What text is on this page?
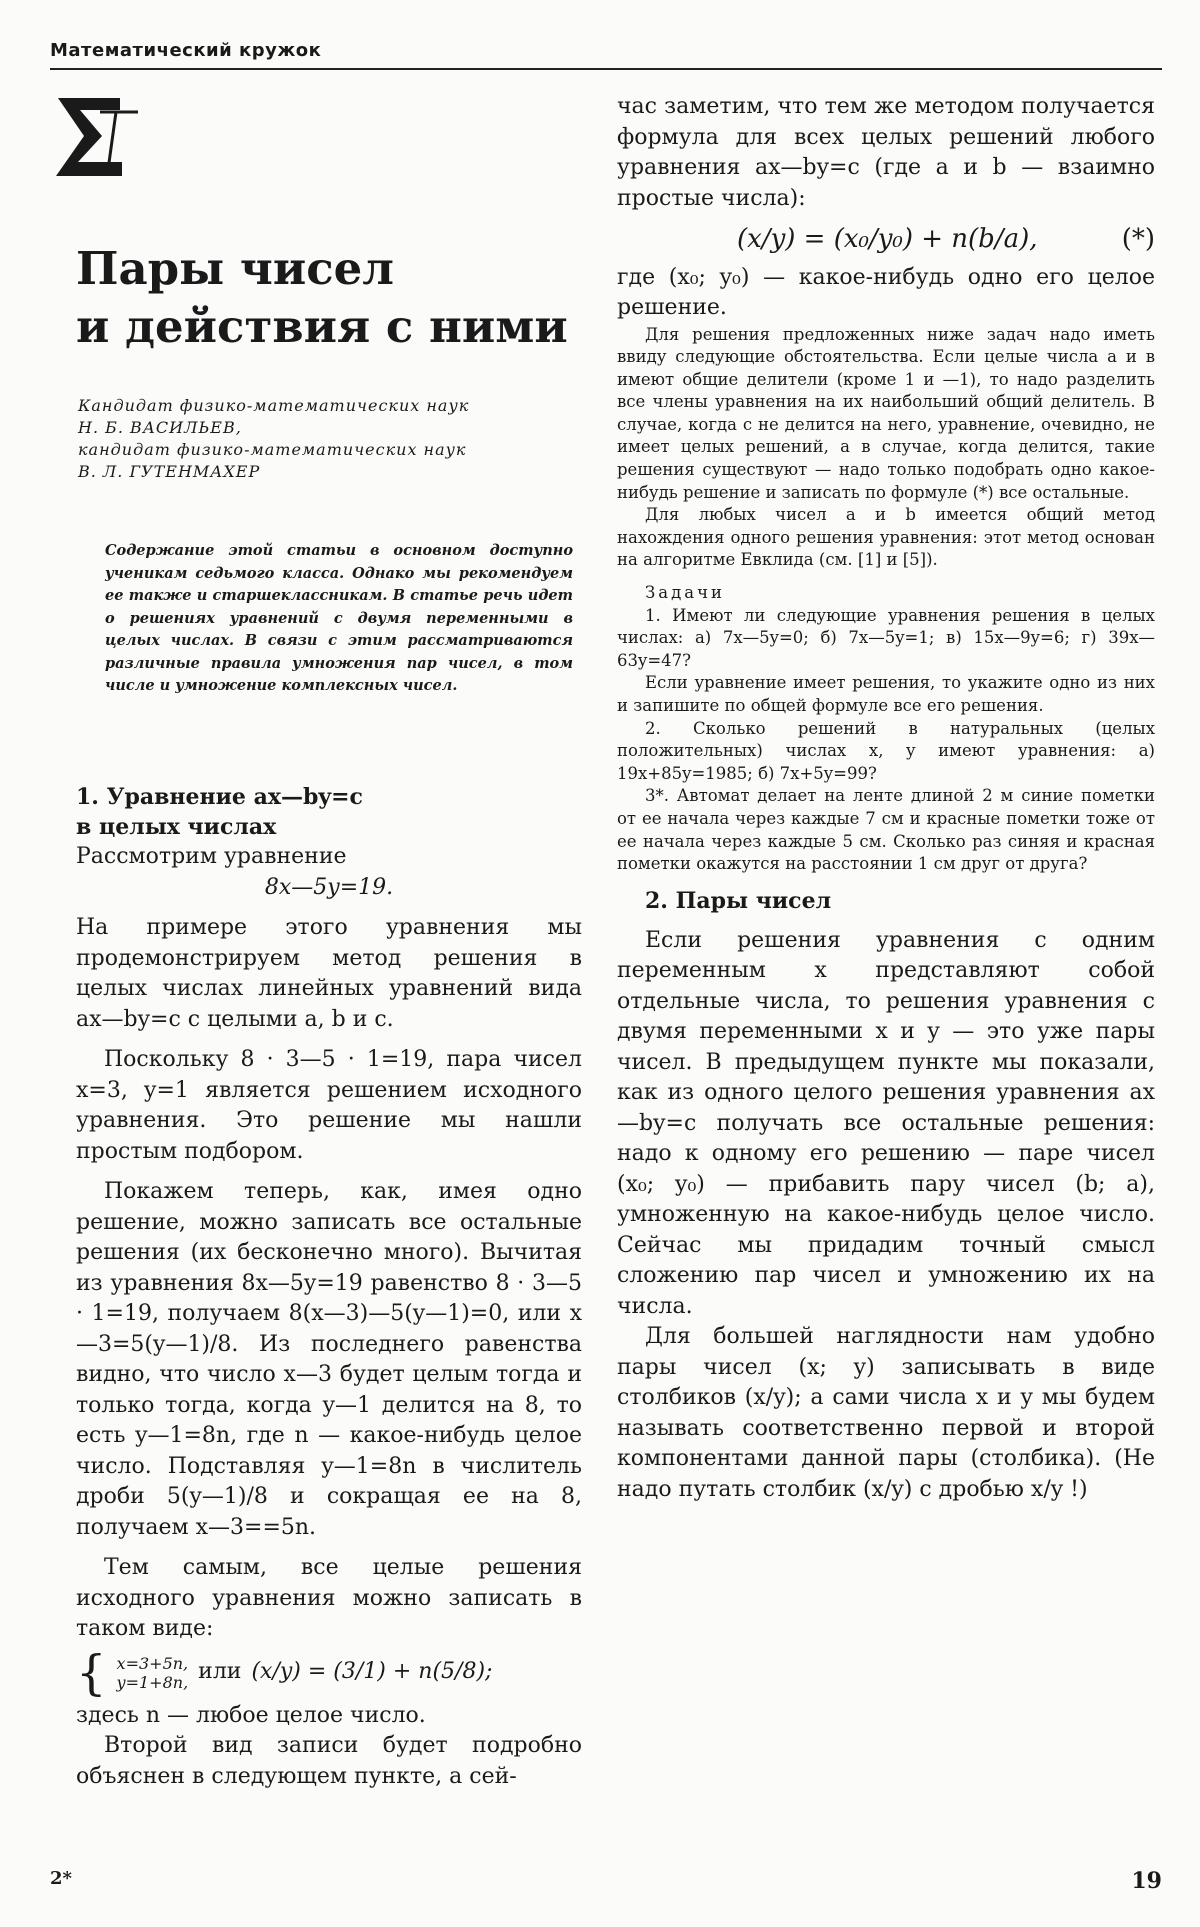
Математический кружок
Пары чисел
и действия с ними
Кандидат физико-математических наук
Н. Б. ВАСИЛЬЕВ,
кандидат физико-математических наук
В. Л. ГУТЕНМАХЕР
Содержание этой статьи в основном доступно ученикам седьмого класса. Однако мы рекомендуем ее также и старшеклассникам. В статье речь идет о решениях уравнений с двумя переменными в целых числах. В связи с этим рассматриваются различные правила умножения пар чисел, в том числе и умножение комплексных чисел.

1. Уравнение ax—by=c

в целых числах

Рассмотрим уравнение

8x—5y=19.

На примере этого уравнения мы продемонстрируем метод решения в целых числах линейных уравнений вида ax—by=c с целыми a, b и c.

Поскольку 8 · 3—5 · 1=19, пара чисел x=3, y=1 является решением исходного уравнения. Это решение мы нашли простым подбором.

Покажем теперь, как, имея одно решение, можно записать все остальные решения (их бесконечно много). Вычитая из уравнения 8x—5y=19 равенство 8 · 3—5 · 1=19, получаем 8(x—3)—5(y—1)=0, или x—3=5(y—1)/8. Из последнего равенства видно, что число x—3 будет целым тогда и только тогда, когда y—1 делится на 8, то есть y—1=8n, где n — какое-нибудь целое число. Подставляя y—1=8n в числитель дроби 5(y—1)/8 и сокращая ее на 8, получаем x—3==5n.

Тем самым, все целые решения исходного уравнения можно записать в таком виде:

{ x=3+5n,
y=1+8n, или (x/y) = (3/1) + n(5/8);

здесь n — любое целое число.

Второй вид записи будет подробно объяснен в следующем пункте, а сей-

час заметим, что тем же методом получается формула для всех целых решений любого уравнения ax—by=c (где a и b — взаимно простые числа):

(x/y) = (x₀/y₀) + n(b/a),	(*)

где (x₀; y₀) — какое-нибудь одно его целое решение.

Для решения предложенных ниже задач надо иметь ввиду следующие обстоятельства. Если целые числа a и в имеют общие делители (кроме 1 и —1), то надо разделить все члены уравнения на их наибольший общий делитель. В случае, когда c не делится на него, уравнение, очевидно, не имеет целых решений, а в случае, когда делится, такие решения существуют — надо только подобрать одно какое-нибудь решение и записать по формуле (*) все остальные.

Для любых чисел a и b имеется общий метод нахождения одного решения уравнения: этот метод основан на алгоритме Евклида (см. [1] и [5]).

Задачи

1. Имеют ли следующие уравнения решения в целых числах: а) 7x—5y=0; б) 7x—5y=1; в) 15x—9y=6; г) 39x—63y=47?

Если уравнение имеет решения, то укажите одно из них и запишите по общей формуле все его решения.

2. Сколько решений в натуральных (целых положительных) числах x, y имеют уравнения: а) 19x+85y=1985; б) 7x+5y=99?

3*. Автомат делает на ленте длиной 2 м синие пометки от ее начала через каждые 7 см и красные пометки тоже от ее начала через каждые 5 см. Сколько раз синяя и красная пометки окажутся на расстоянии 1 см друг от друга?

2. Пары чисел

Если решения уравнения с одним переменным x представляют собой отдельные числа, то решения уравнения с двумя переменными x и y — это уже пары чисел. В предыдущем пункте мы показали, как из одного целого решения уравнения ax—by=c получать все остальные решения: надо к одному его решению — паре чисел (x₀; y₀) — прибавить пару чисел (b; a), умноженную на какое-нибудь целое число. Сейчас мы придадим точный смысл сложению пар чисел и умножению их на числа.

Для большей наглядности нам удобно пары чисел (x; y) записывать в виде столбиков (x/y); а сами числа x и y мы будем называть соответственно первой и второй компонентами данной пары (столбика). (Не надо путать столбик (x/y) с дробью x/y !)

2*	19
